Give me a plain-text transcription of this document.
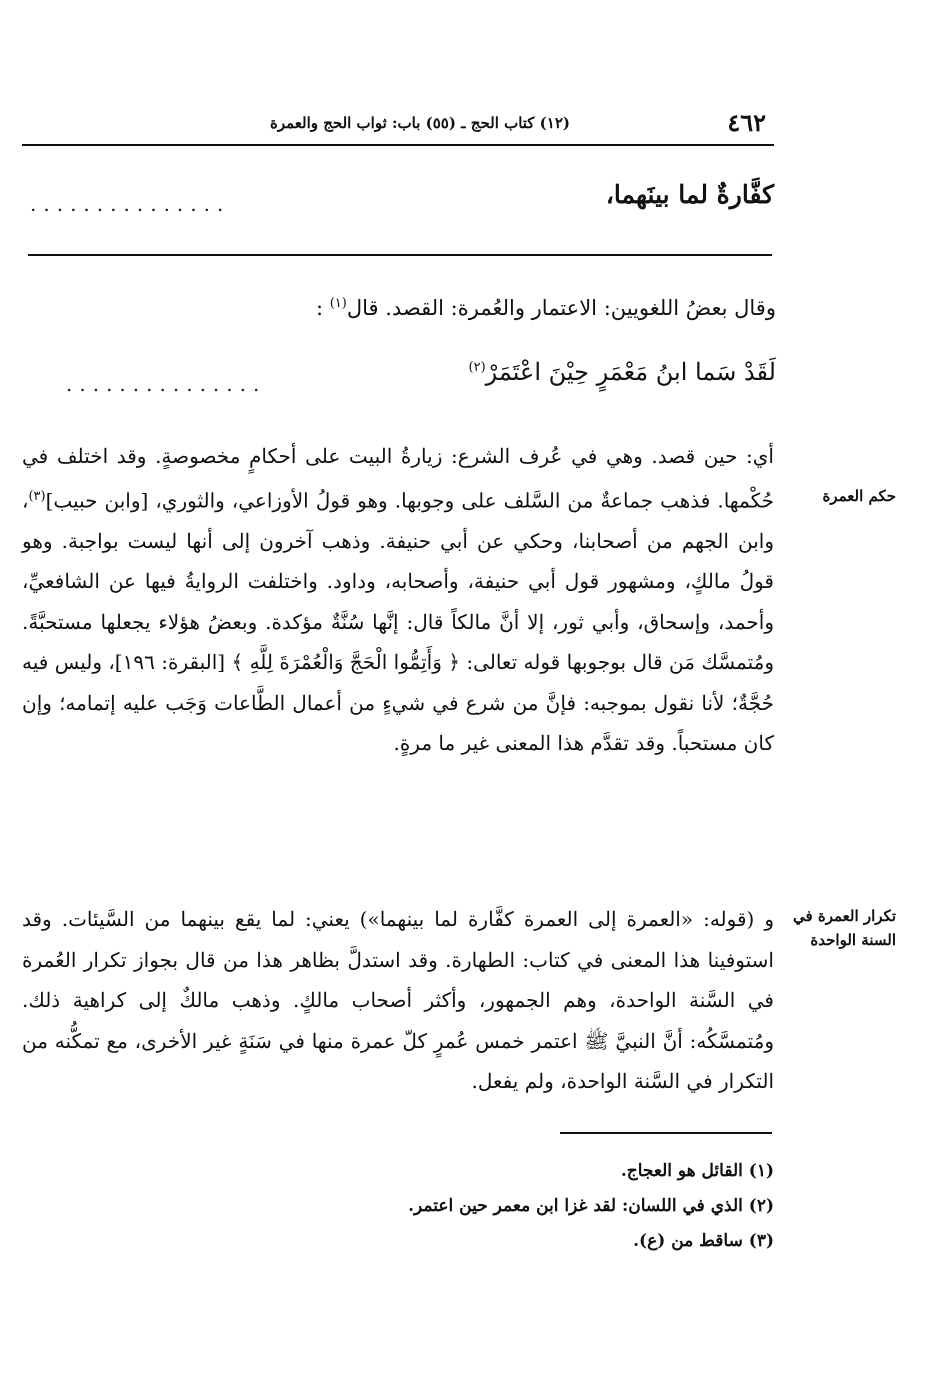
٤٦٢
(١٢) كتاب الحج ـ (٥٥) باب: ثواب الحج والعمرة
كفَّارةٌ لما بينَهما،
...............
وقال بعضُ اللغويين: الاعتمار والعُمرة: القصد. قال$^{(١)}$ :
لَقَدْ سَما ابنُ مَعْمَرٍ حِيْنَ اعْتَمَرْ$^{(٢)}$
...............
أي: حين قصد. وهي في عُرف الشرع: زيارةُ البيت على أحكامٍ مخصوصةٍ. وقد اختلف في حُكْمها. فذهب جماعةٌ من السَّلف على وجوبها. وهو قولُ الأوزاعي، والثوري، [وابن حبيب]$^{(٣)}$، وابن الجهم من أصحابنا، وحكي عن أبي حنيفة. وذهب آخرون إلى أنها ليست بواجبة. وهو قولُ مالكٍ، ومشهور قول أبي حنيفة، وأصحابه، وداود. واختلفت الروايةُ فيها عن الشافعيِّ، وأحمد، وإسحاق، وأبي ثور، إلا أنَّ مالكاً قال: إنَّها سُنَّةٌ مؤكدة. وبعضُ هؤلاء يجعلها مستحبَّةً. ومُتمسَّك مَن قال بوجوبها قوله تعالى: ﴿ وَأَتِمُّوا الْحَجَّ وَالْعُمْرَةَ لِلَّهِ ﴾ [البقرة: ١٩٦]، وليس فيه حُجَّةٌ؛ لأنا نقول بموجبه: فإنَّ من شرع في شيءٍ من أعمال الطَّاعات وَجَب عليه إتمامه؛ وإن كان مستحباً. وقد تقدَّم هذا المعنى غير ما مرةٍ.
حكم العمرة
و (قوله: «العمرة إلى العمرة كفَّارة لما بينهما») يعني: لما يقع بينهما من السَّيئات. وقد استوفينا هذا المعنى في كتاب: الطهارة. وقد استدلَّ بظاهر هذا من قال بجواز تكرار العُمرة في السَّنة الواحدة، وهم الجمهور، وأكثر أصحاب مالكٍ. وذهب مالكٌ إلى كراهية ذلك. ومُتمسَّكُه: أنَّ النبيَّ ﷺ اعتمر خمس عُمرٍ كلّ عمرة منها في سَنَةٍ غير الأخرى، مع تمكُّنه من التكرار في السَّنة الواحدة، ولم يفعل.
تكرار العمرة في السنة الواحدة
(١) القائل هو العجاج.
(٢) الذي في اللسان: لقد غزا ابن معمر حين اعتمر.
(٣) ساقط من (ع).
